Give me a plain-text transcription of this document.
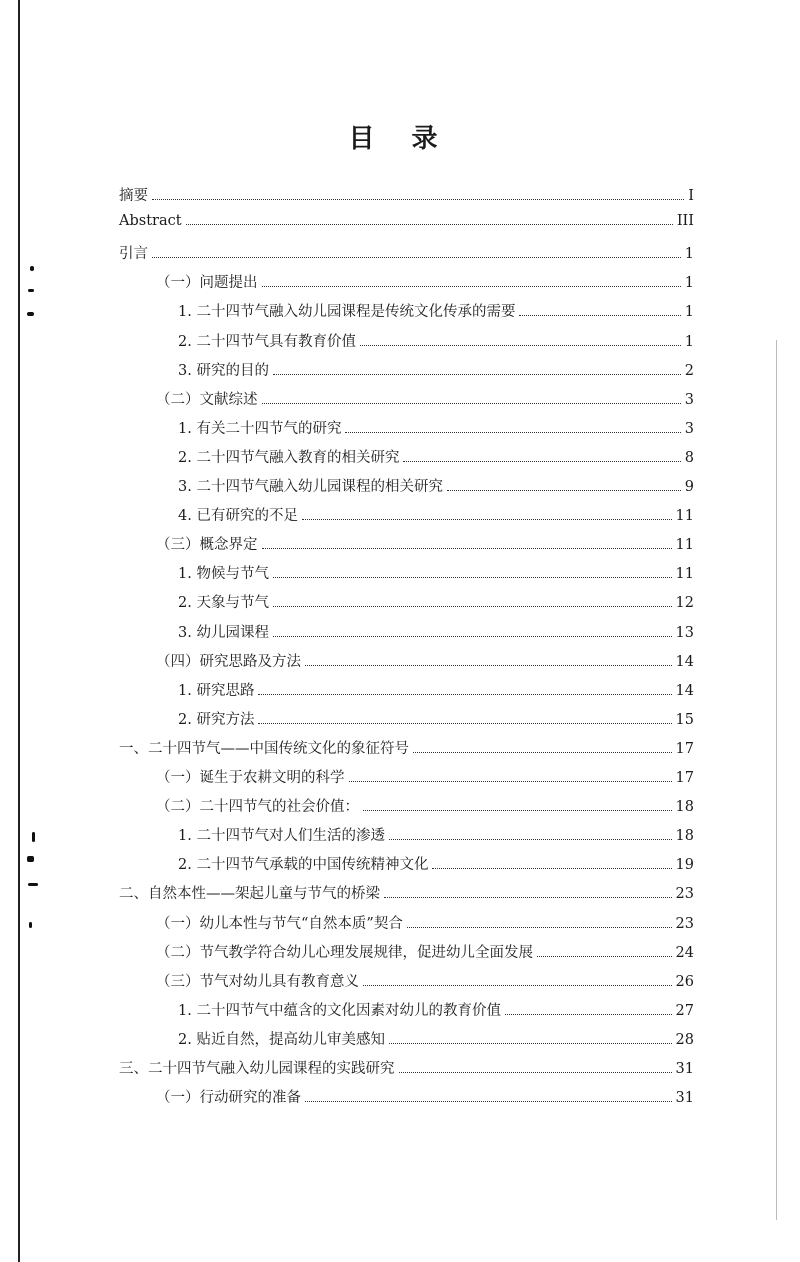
目 录
摘要	I
Abstract	III
引言	1
（一）问题提出	1
1. 二十四节气融入幼儿园课程是传统文化传承的需要	1
2. 二十四节气具有教育价值	1
3. 研究的目的	2
（二）文献综述	3
1. 有关二十四节气的研究	3
2. 二十四节气融入教育的相关研究	8
3. 二十四节气融入幼儿园课程的相关研究	9
4. 已有研究的不足	11
（三）概念界定	11
1. 物候与节气	11
2. 天象与节气	12
3. 幼儿园课程	13
（四）研究思路及方法	14
1. 研究思路	14
2. 研究方法	15
一、二十四节气——中国传统文化的象征符号	17
（一）诞生于农耕文明的科学	17
（二）二十四节气的社会价值：	18
1. 二十四节气对人们生活的渗透	18
2. 二十四节气承载的中国传统精神文化	19
二、自然本性——架起儿童与节气的桥梁	23
（一）幼儿本性与节气“自然本质”契合	23
（二）节气教学符合幼儿心理发展规律，促进幼儿全面发展	24
（三）节气对幼儿具有教育意义	26
1. 二十四节气中蕴含的文化因素对幼儿的教育价值	27
2. 贴近自然，提高幼儿审美感知	28
三、二十四节气融入幼儿园课程的实践研究	31
（一）行动研究的准备	31
